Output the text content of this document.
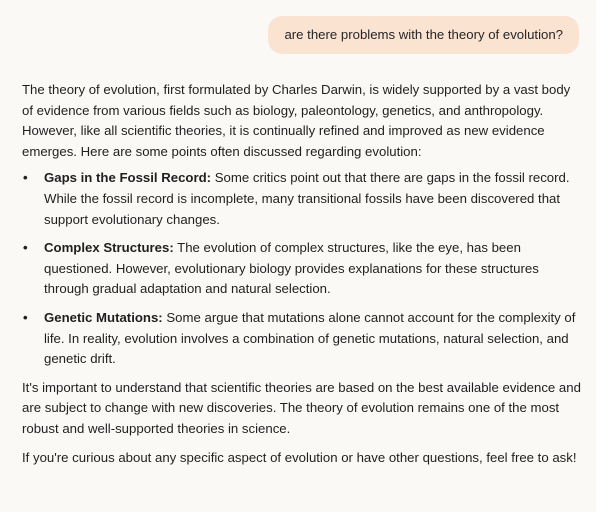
are there problems with the theory of evolution?

The theory of evolution, first formulated by Charles Darwin, is widely supported by a vast body of evidence from various fields such as biology, paleontology, genetics, and anthropology. However, like all scientific theories, it is continually refined and improved as new evidence emerges. Here are some points often discussed regarding evolution:

• Gaps in the Fossil Record: Some critics point out that there are gaps in the fossil record. While the fossil record is incomplete, many transitional fossils have been discovered that support evolutionary changes.
• Complex Structures: The evolution of complex structures, like the eye, has been questioned. However, evolutionary biology provides explanations for these structures through gradual adaptation and natural selection.
• Genetic Mutations: Some argue that mutations alone cannot account for the complexity of life. In reality, evolution involves a combination of genetic mutations, natural selection, and genetic drift.

It's important to understand that scientific theories are based on the best available evidence and are subject to change with new discoveries. The theory of evolution remains one of the most robust and well-supported theories in science.

If you're curious about any specific aspect of evolution or have other questions, feel free to ask!
